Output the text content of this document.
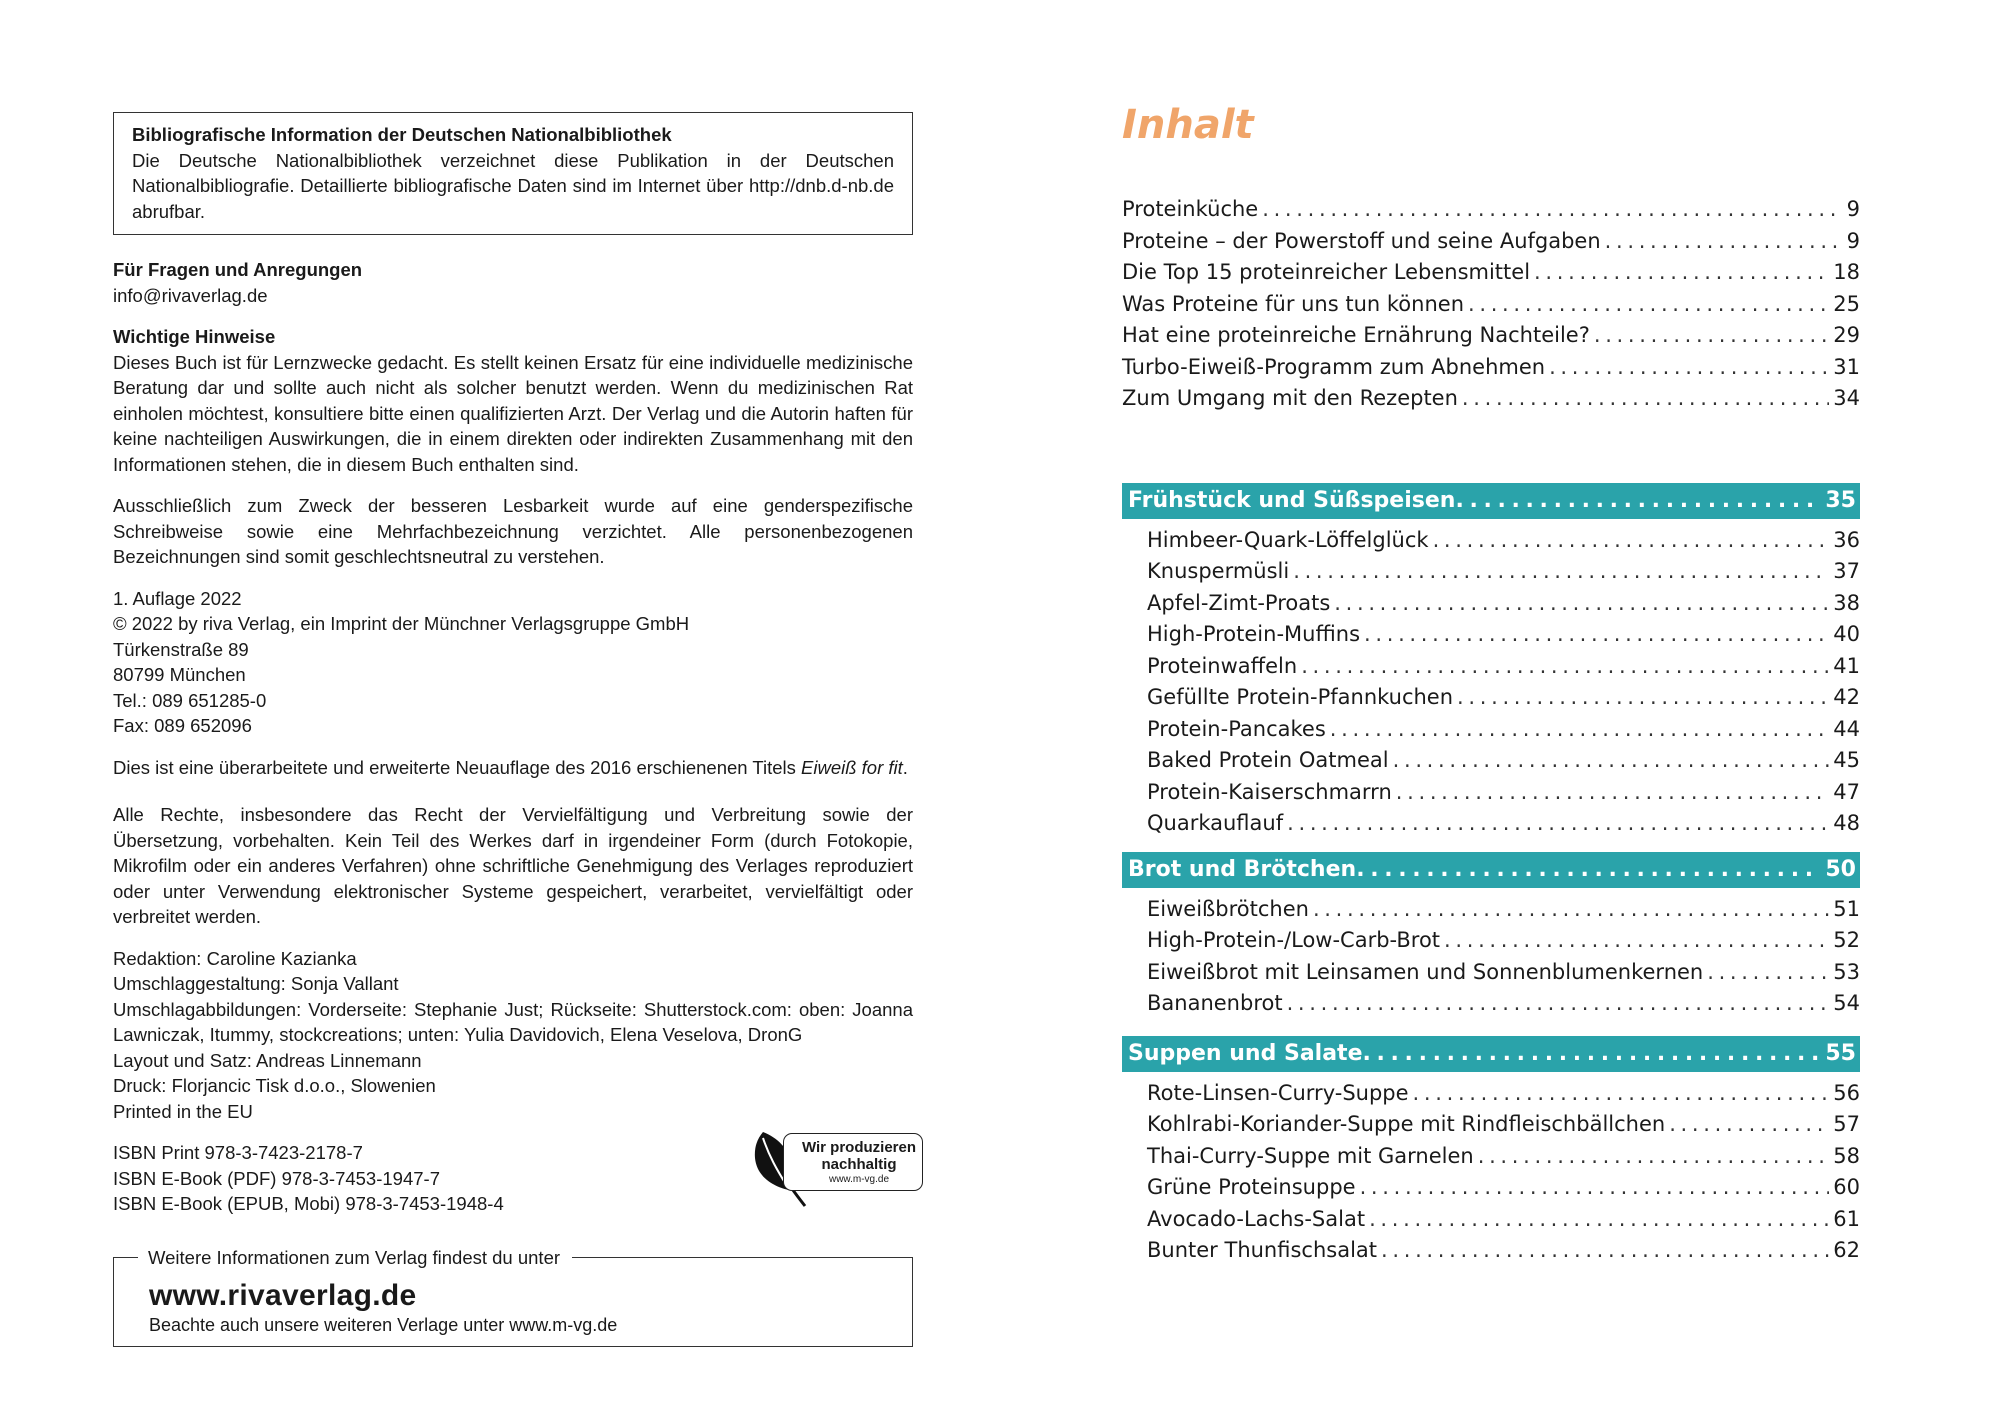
Bibliografische Information der Deutschen Nationalbibliothek

Die Deutsche Nationalbibliothek verzeichnet diese Publikation in der Deutschen Nationalbibliografie. Detaillierte bibliografische Daten sind im Internet über http://dnb.d-nb.de abrufbar.

Für Fragen und Anregungen
info@rivaverlag.de
Wichtige Hinweise

Dieses Buch ist für Lernzwecke gedacht. Es stellt keinen Ersatz für eine individuelle medizinische Beratung dar und sollte auch nicht als solcher benutzt werden. Wenn du medizinischen Rat einholen möchtest, konsultiere bitte einen qualifizierten Arzt. Der Verlag und die Autorin haften für keine nachteiligen Auswirkungen, die in einem direkten oder indirekten Zusammenhang mit den Informationen stehen, die in diesem Buch enthalten sind.

Ausschließlich zum Zweck der besseren Lesbarkeit wurde auf eine genderspezifische Schreibweise sowie eine Mehrfachbezeichnung verzichtet. Alle personenbezogenen Bezeichnungen sind somit geschlechtsneutral zu verstehen.

1. Auflage 2022
© 2022 by riva Verlag, ein Imprint der Münchner Verlagsgruppe GmbH
Türkenstraße 89
80799 München
Tel.: 089 651285-0
Fax: 089 652096

Dies ist eine überarbeitete und erweiterte Neuauflage des 2016 erschienenen Titels Eiweiß for fit.

Alle Rechte, insbesondere das Recht der Vervielfältigung und Verbreitung sowie der Übersetzung, vorbehalten. Kein Teil des Werkes darf in irgendeiner Form (durch Fotokopie, Mikrofilm oder ein anderes Verfahren) ohne schriftliche Genehmigung des Verlages reproduziert oder unter Verwendung elektronischer Systeme gespeichert, verarbeitet, vervielfältigt oder verbreitet werden.

Redaktion: Caroline Kazianka
Umschlaggestaltung: Sonja Vallant
Umschlagabbildungen: Vorderseite: Stephanie Just; Rückseite: Shutterstock.com: oben: Joanna Lawniczak, Itummy, stockcreations; unten: Yulia Davidovich, Elena Veselova, DronG
Layout und Satz: Andreas Linnemann
Druck: Florjancic Tisk d.o.o., Slowenien
Printed in the EU
ISBN Print 978-3-7423-2178-7
ISBN E-Book (PDF) 978-3-7453-1947-7
ISBN E-Book (EPUB, Mobi) 978-3-7453-1948-4
Wir produzieren
nachhaltig
www.m-vg.de
Weitere Informationen zum Verlag findest du unter
www.rivaverlag.de
Beachte auch unsere weiteren Verlage unter www.m-vg.de
Inhalt
Proteinküche . . .	9
Proteine – der Powerstoff und seine Aufgaben . . .	9
Die Top 15 proteinreicher Lebensmittel . . .	18
Was Proteine für uns tun können . . .	25
Hat eine proteinreiche Ernährung Nachteile? . . .	29
Turbo-Eiweiß-Programm zum Abnehmen . . .	31
Zum Umgang mit den Rezepten . . .	34
Frühstück und Süßspeisen . . .	35
Himbeer-Quark-Löffelglück . . .	36
Knuspermüsli . . .	37
Apfel-Zimt-Proats . . .	38
High-Protein-Muffins . . .	40
Proteinwaffeln . . .	41
Gefüllte Protein-Pfannkuchen . . .	42
Protein-Pancakes . . .	44
Baked Protein Oatmeal . . .	45
Protein-Kaiserschmarrn . . .	47
Quarkauflauf . . .	48
Brot und Brötchen . . .	50
Eiweißbrötchen . . .	51
High-Protein-/Low-Carb-Brot . . .	52
Eiweißbrot mit Leinsamen und Sonnenblumenkernen . . .	53
Bananenbrot . . .	54
Suppen und Salate . . .	55
Rote-Linsen-Curry-Suppe . . .	56
Kohlrabi-Koriander-Suppe mit Rindfleischbällchen . . .	57
Thai-Curry-Suppe mit Garnelen . . .	58
Grüne Proteinsuppe . . .	60
Avocado-Lachs-Salat . . .	61
Bunter Thunfischsalat . . .	62
